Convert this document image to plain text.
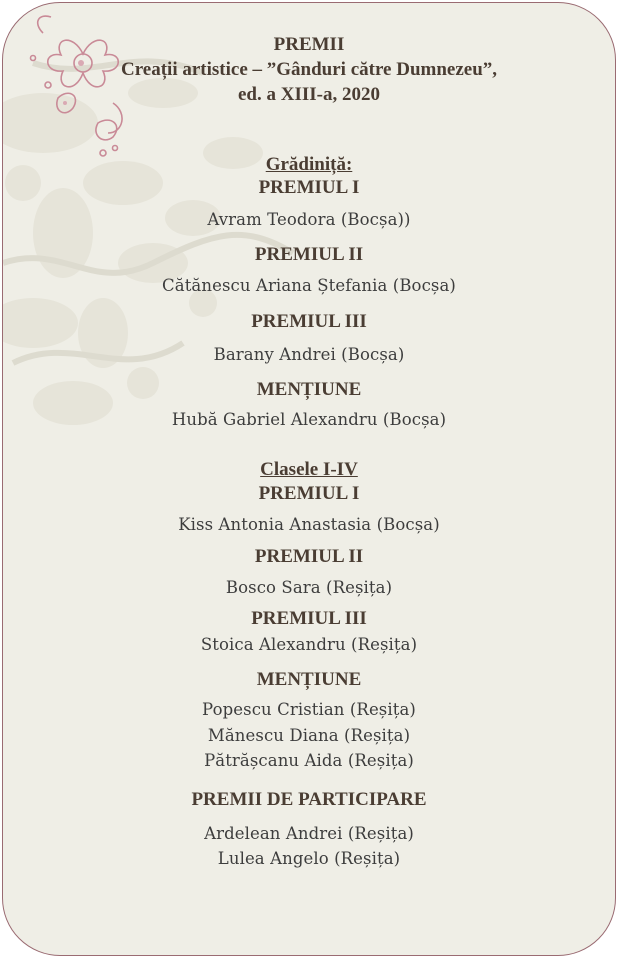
PREMII
Creații artistice – ”Gânduri către Dumnezeu”,
ed. a XIII-a, 2020
Grădiniță:
PREMIUL I
Avram Teodora (Bocșa))
PREMIUL II
Cătănescu Ariana Ștefania (Bocșa)
PREMIUL III
Barany Andrei (Bocșa)
MENȚIUNE
Hubă Gabriel Alexandru (Bocșa)
Clasele I-IV
PREMIUL I
Kiss Antonia Anastasia (Bocșa)
PREMIUL II
Bosco Sara (Reșița)
PREMIUL III
Stoica Alexandru (Reșița)
MENȚIUNE
Popescu Cristian (Reșița)
Mănescu Diana (Reșița)
Pătrășcanu Aida (Reșița)
PREMII DE PARTICIPARE
Ardelean Andrei (Reșița)
Lulea Angelo (Reșița)
